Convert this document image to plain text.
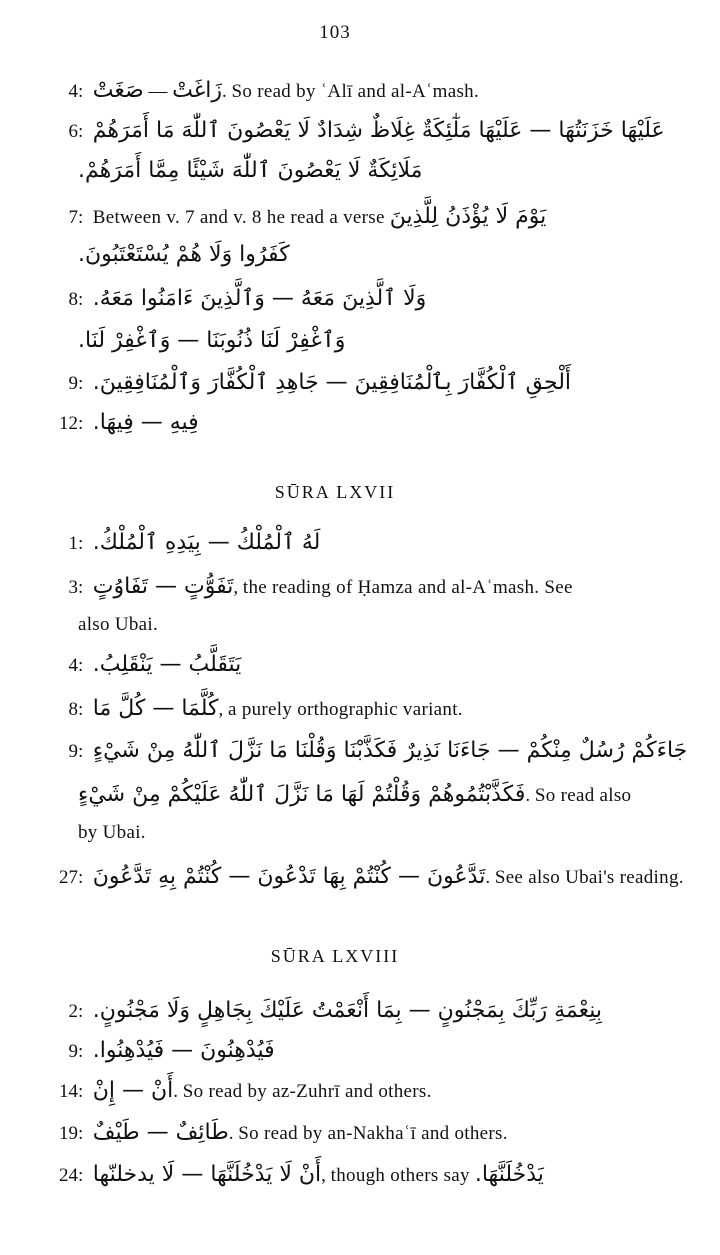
103
4: صَغَتْ — زَاغَتْ. So read by ʿAlī and al-Aʿmash.
6: عَلَيْهَا خَزَنَتُهَا — عَلَيْهَا مَلٰٓئِكَةٌ غِلَاظٌ شِدَادٌ لَا يَعْصُونَ ٱللّٰهَ مَا أَمَرَهُمْ
مَلَائِكَةٌ لَا يَعْصُونَ ٱللّٰهَ شَيْئًا مِمَّا أَمَرَهُمْ.
7: Between v. 7 and v. 8 he read a verse يَوْمَ لَا يُؤْذَنُ لِلَّذِينَ
كَفَرُوا وَلَا هُمْ يُسْتَعْتَبُونَ.
8: وَلَا ٱلَّذِينَ مَعَهُ — وَٱلَّذِينَ ءَامَنُوا مَعَهُ.
وَٱغْفِرْ لَنَا ذُنُوبَنَا — وَٱغْفِرْ لَنَا.
9: أَلْحِقِ ٱلْكُفَّارَ بِٱلْمُنَافِقِينَ — جَاهِدِ ٱلْكُفَّارَ وَٱلْمُنَافِقِينَ.
12: فِيهِ — فِيهَا.
SŪRA LXVII
1: لَهُ ٱلْمُلْكُ — بِيَدِهِ ٱلْمُلْكُ.
3: تَفَوُّتٍ — تَفَاوُتٍ, the reading of Ḥamza and al-Aʿmash. See
also Ubai.
4: يَتَقَلَّبُ — يَنْقَلِبُ.
8: كُلَّمَا — كُلَّ مَا, a purely orthographic variant.
9: جَاءَكُمْ رُسُلٌ مِنْكُمْ — جَاءَنَا نَذِيرٌ فَكَذَّبْنَا وَقُلْنَا مَا نَزَّلَ ٱللّٰهُ مِنْ شَيْءٍ
فَكَذَّبْتُمُوهُمْ وَقُلْتُمْ لَهَا مَا نَزَّلَ ٱللّٰهُ عَلَيْكُمْ مِنْ شَيْءٍ. So read also
by Ubai.
27: تَدَّعُونَ — كُنْتُمْ بِهَا تَدْعُونَ — كُنْتُمْ بِهِ تَدَّعُونَ. See also Ubai's reading.
SŪRA LXVIII
2: بِنِعْمَةِ رَبِّكَ بِمَجْنُونٍ — بِمَا أَنْعَمْتُ عَلَيْكَ بِجَاهِلٍ وَلَا مَجْنُونٍ.
9: فَيُدْهِنُونَ — فَيُدْهِنُوا.
14: أَنْ — إِنْ. So read by az-Zuhrī and others.
19: طَائِفٌ — طَيْفٌ. So read by an-Nakhaʿī and others.
24: أَنْ لَا يَدْخُلَنَّهَا — لَا يدخلنّها, though others say يَدْخُلَنَّهَا.
